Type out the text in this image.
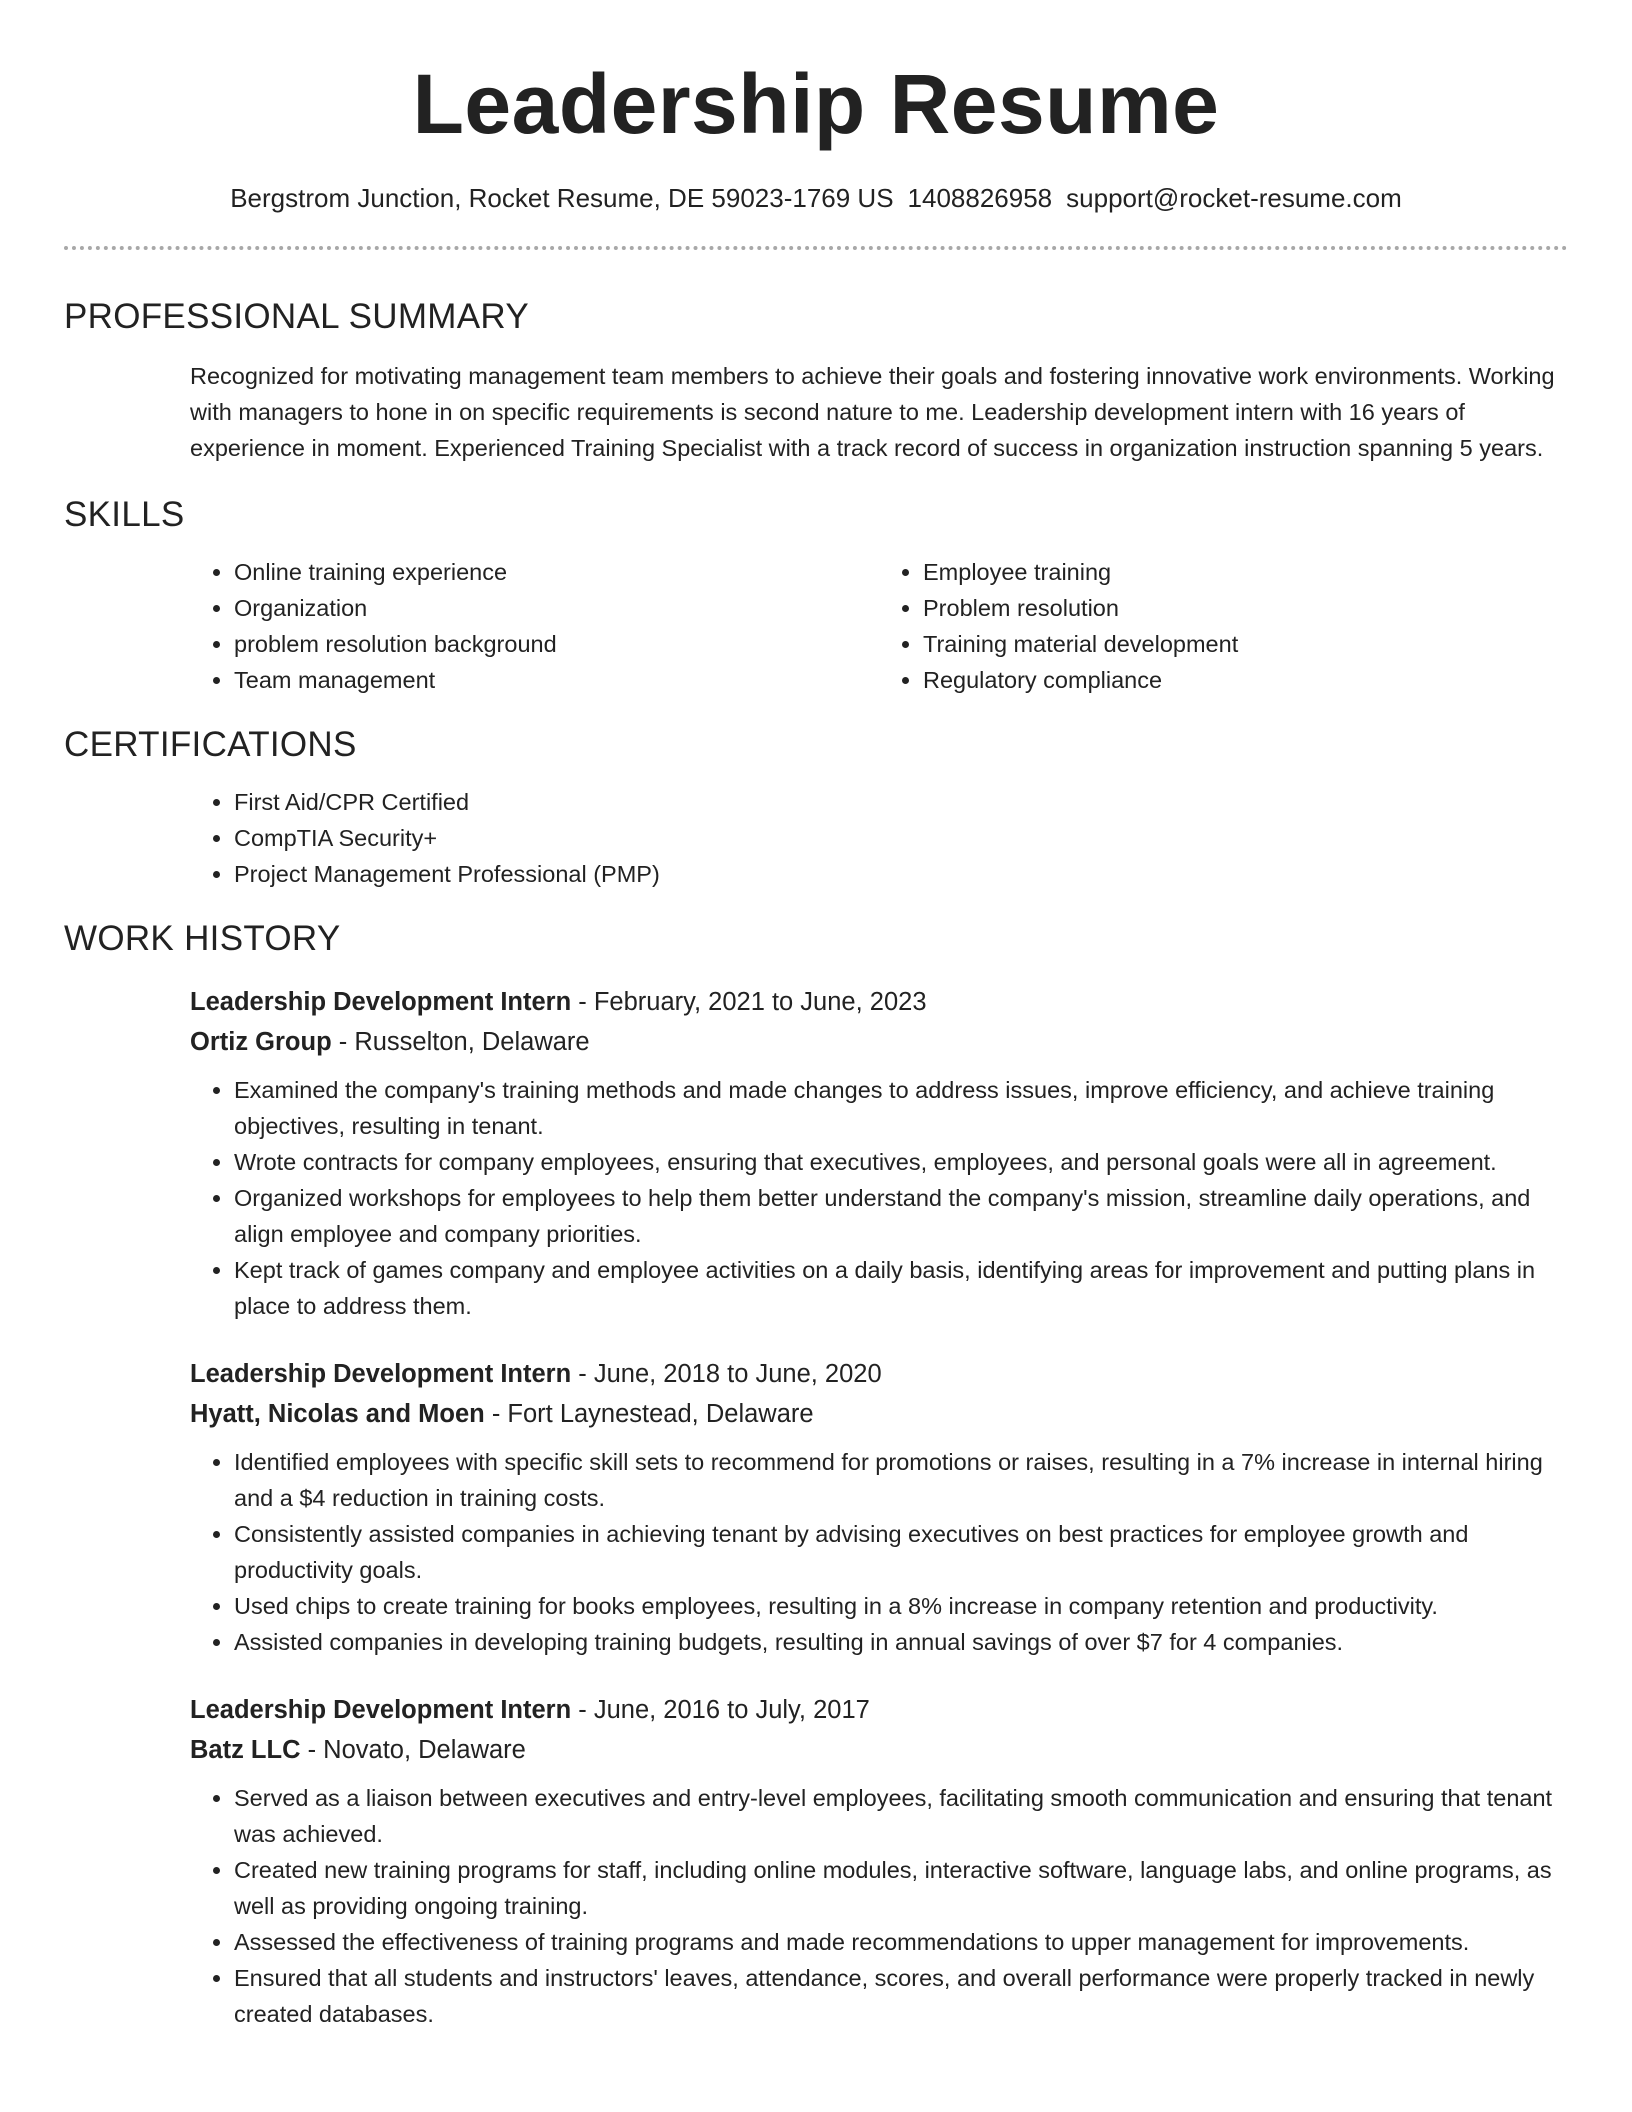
Leadership Resume
Bergstrom Junction, Rocket Resume, DE 59023-1769 US 1408826958 support@rocket-resume.com
PROFESSIONAL SUMMARY
Recognized for motivating management team members to achieve their goals and fostering innovative work environments. Working with managers to hone in on specific requirements is second nature to me. Leadership development intern with 16 years of experience in moment. Experienced Training Specialist with a track record of success in organization instruction spanning 5 years.
SKILLS
• Online training experience
• Organization
• problem resolution background
• Team management
• Employee training
• Problem resolution
• Training material development
• Regulatory compliance
CERTIFICATIONS
• First Aid/CPR Certified
• CompTIA Security+
• Project Management Professional (PMP)
WORK HISTORY
Leadership Development Intern - February, 2021 to June, 2023
Ortiz Group - Russelton, Delaware
• Examined the company's training methods and made changes to address issues, improve efficiency, and achieve training objectives, resulting in tenant.
• Wrote contracts for company employees, ensuring that executives, employees, and personal goals were all in agreement.
• Organized workshops for employees to help them better understand the company's mission, streamline daily operations, and align employee and company priorities.
• Kept track of games company and employee activities on a daily basis, identifying areas for improvement and putting plans in place to address them.
Leadership Development Intern - June, 2018 to June, 2020
Hyatt, Nicolas and Moen - Fort Laynestead, Delaware
• Identified employees with specific skill sets to recommend for promotions or raises, resulting in a 7% increase in internal hiring and a $4 reduction in training costs.
• Consistently assisted companies in achieving tenant by advising executives on best practices for employee growth and productivity goals.
• Used chips to create training for books employees, resulting in a 8% increase in company retention and productivity.
• Assisted companies in developing training budgets, resulting in annual savings of over $7 for 4 companies.
Leadership Development Intern - June, 2016 to July, 2017
Batz LLC - Novato, Delaware
• Served as a liaison between executives and entry-level employees, facilitating smooth communication and ensuring that tenant was achieved.
• Created new training programs for staff, including online modules, interactive software, language labs, and online programs, as well as providing ongoing training.
• Assessed the effectiveness of training programs and made recommendations to upper management for improvements.
• Ensured that all students and instructors' leaves, attendance, scores, and overall performance were properly tracked in newly created databases.
